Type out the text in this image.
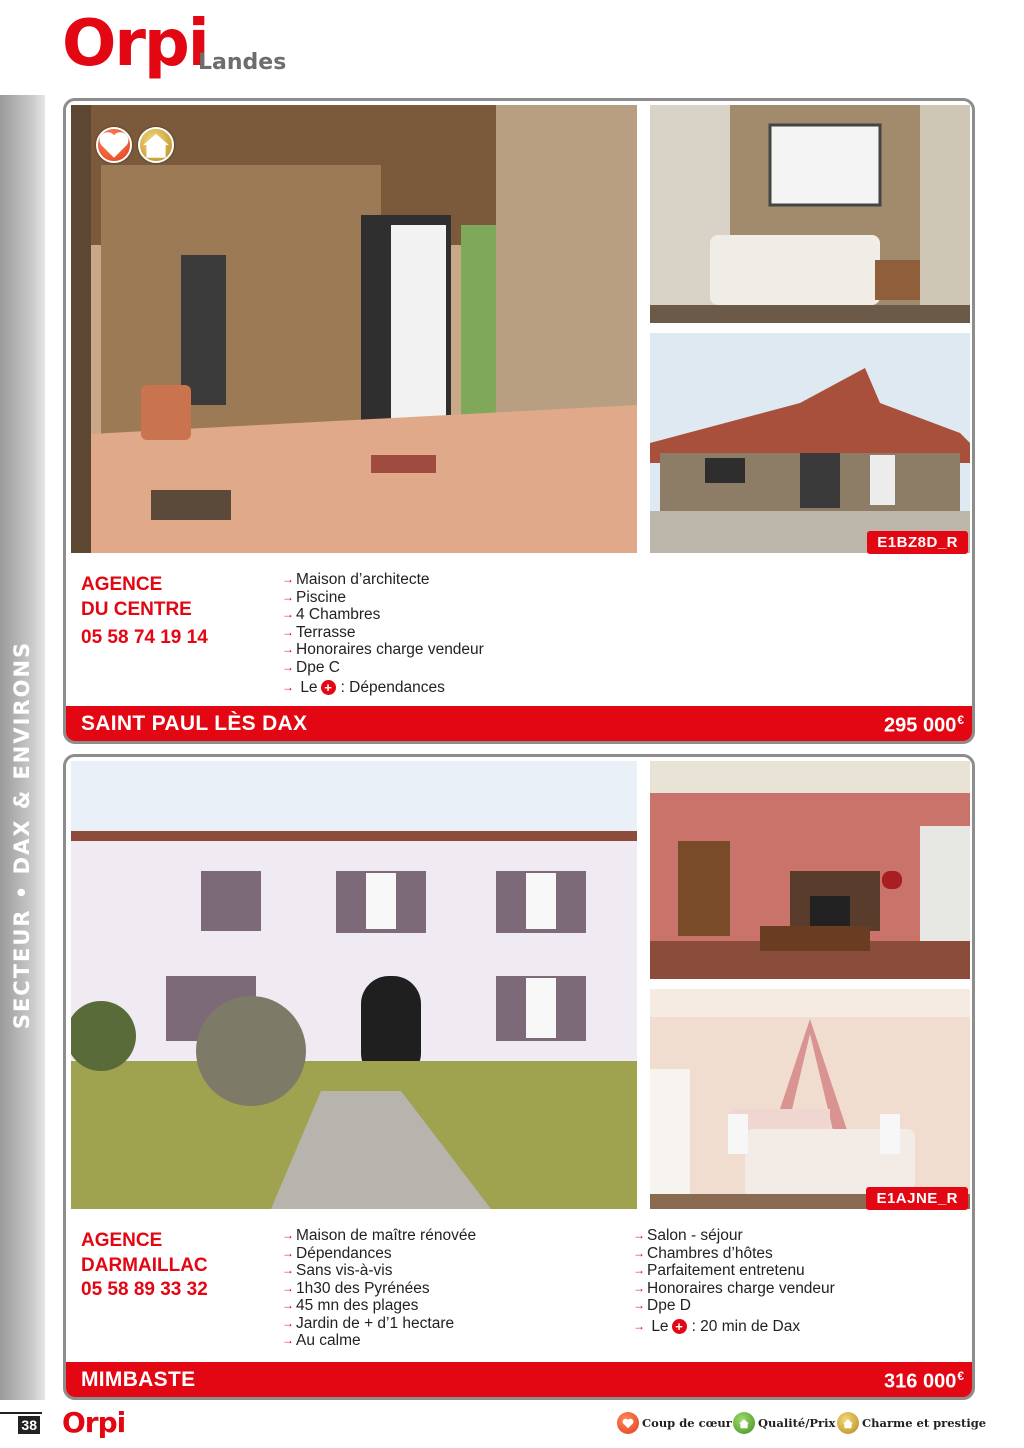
Orpi
Landes
SECTEUR • DAX & ENVIRONS
E1BZ8D_R
AGENCE
DU CENTRE
05 58 74 19 14
→ Maison d’architecte
→ Piscine
→ 4 Chambres
→ Terrasse
→ Honoraires charge vendeur
→ Dpe C
→
Le + : Dépendances
SAINT PAUL LÈS DAX	295 000€
E1AJNE_R
AGENCE
DARMAILLAC
05 58 89 33 32
→ Maison de maître rénovée
→ Dépendances
→ Sans vis-à-vis
→ 1h30 des Pyrénées
→ 45 mn des plages
→ Jardin de + d’1 hectare
→ Au calme
→ Salon - séjour
→ Chambres d’hôtes
→ Parfaitement entretenu
→ Honoraires charge vendeur
→ Dpe D
→
Le + : 20 min de Dax
MIMBASTE	316 000€
38 Orpi	Coup de cœur Qualité/Prix Charme et prestige
